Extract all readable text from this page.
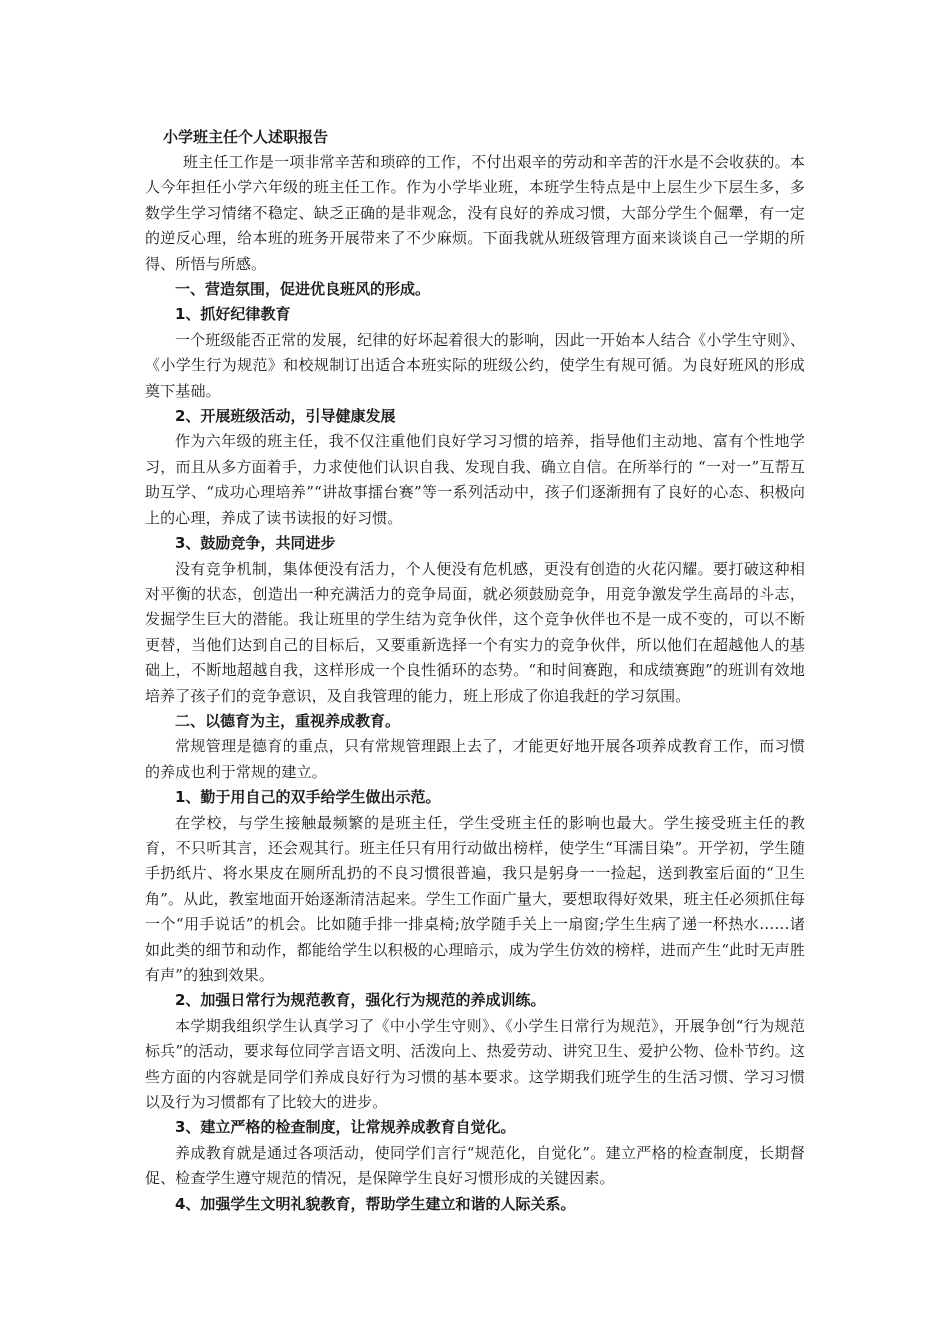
小学班主任个人述职报告

班主任工作是一项非常辛苦和琐碎的工作，不付出艰辛的劳动和辛苦的汗水是不会收获的。本人今年担任小学六年级的班主任工作。作为小学毕业班，本班学生特点是中上层生少下层生多，多数学生学习情绪不稳定、缺乏正确的是非观念，没有良好的养成习惯，大部分学生个倔犟，有一定的逆反心理，给本班的班务开展带来了不少麻烦。下面我就从班级管理方面来谈谈自己一学期的所得、所悟与所感。

一、营造氛围，促进优良班风的形成。

1、抓好纪律教育

一个班级能否正常的发展，纪律的好坏起着很大的影响，因此一开始本人结合《小学生守则》、《小学生行为规范》和校规制订出适合本班实际的班级公约，使学生有规可循。为良好班风的形成奠下基础。

2、开展班级活动，引导健康发展

作为六年级的班主任，我不仅注重他们良好学习习惯的培养，指导他们主动地、富有个性地学习，而且从多方面着手，力求使他们认识自我、发现自我、确立自信。在所举行的 “一对一”互帮互助互学、“成功心理培养”“讲故事擂台赛”等一系列活动中，孩子们逐渐拥有了良好的心态、积极向上的心理，养成了读书读报的好习惯。

3、鼓励竞争，共同进步

没有竞争机制，集体便没有活力，个人便没有危机感，更没有创造的火花闪耀。要打破这种相对平衡的状态，创造出一种充满活力的竞争局面，就必须鼓励竞争，用竞争激发学生高昂的斗志，发掘学生巨大的潜能。我让班里的学生结为竞争伙伴，这个竞争伙伴也不是一成不变的，可以不断更替，当他们达到自己的目标后，又要重新选择一个有实力的竞争伙伴，所以他们在超越他人的基础上，不断地超越自我，这样形成一个良性循环的态势。“和时间赛跑，和成绩赛跑”的班训有效地培养了孩子们的竞争意识，及自我管理的能力，班上形成了你追我赶的学习氛围。

二、以德育为主，重视养成教育。

常规管理是德育的重点，只有常规管理跟上去了，才能更好地开展各项养成教育工作，而习惯的养成也利于常规的建立。

1、勤于用自己的双手给学生做出示范。

在学校，与学生接触最频繁的是班主任，学生受班主任的影响也最大。学生接受班主任的教育，不只听其言，还会观其行。班主任只有用行动做出榜样，使学生“耳濡目染”。开学初，学生随手扔纸片、将水果皮在厕所乱扔的不良习惯很普遍，我只是躬身一一捡起，送到教室后面的“卫生角”。从此，教室地面开始逐渐清洁起来。学生工作面广量大，要想取得好效果，班主任必须抓住每一个“用手说话”的机会。比如随手排一排桌椅;放学随手关上一扇窗;学生生病了递一杯热水……诸如此类的细节和动作，都能给学生以积极的心理暗示，成为学生仿效的榜样，进而产生“此时无声胜有声”的独到效果。

2、加强日常行为规范教育，强化行为规范的养成训练。

本学期我组织学生认真学习了《中小学生守则》、《小学生日常行为规范》，开展争创“行为规范标兵”的活动，要求每位同学言语文明、活泼向上、热爱劳动、讲究卫生、爱护公物、俭朴节约。这些方面的内容就是同学们养成良好行为习惯的基本要求。这学期我们班学生的生活习惯、学习习惯以及行为习惯都有了比较大的进步。

3、建立严格的检查制度，让常规养成教育自觉化。

养成教育就是通过各项活动，使同学们言行“规范化，自觉化”。建立严格的检查制度，长期督促、检查学生遵守规范的情况，是保障学生良好习惯形成的关键因素。

4、加强学生文明礼貌教育，帮助学生建立和谐的人际关系。
